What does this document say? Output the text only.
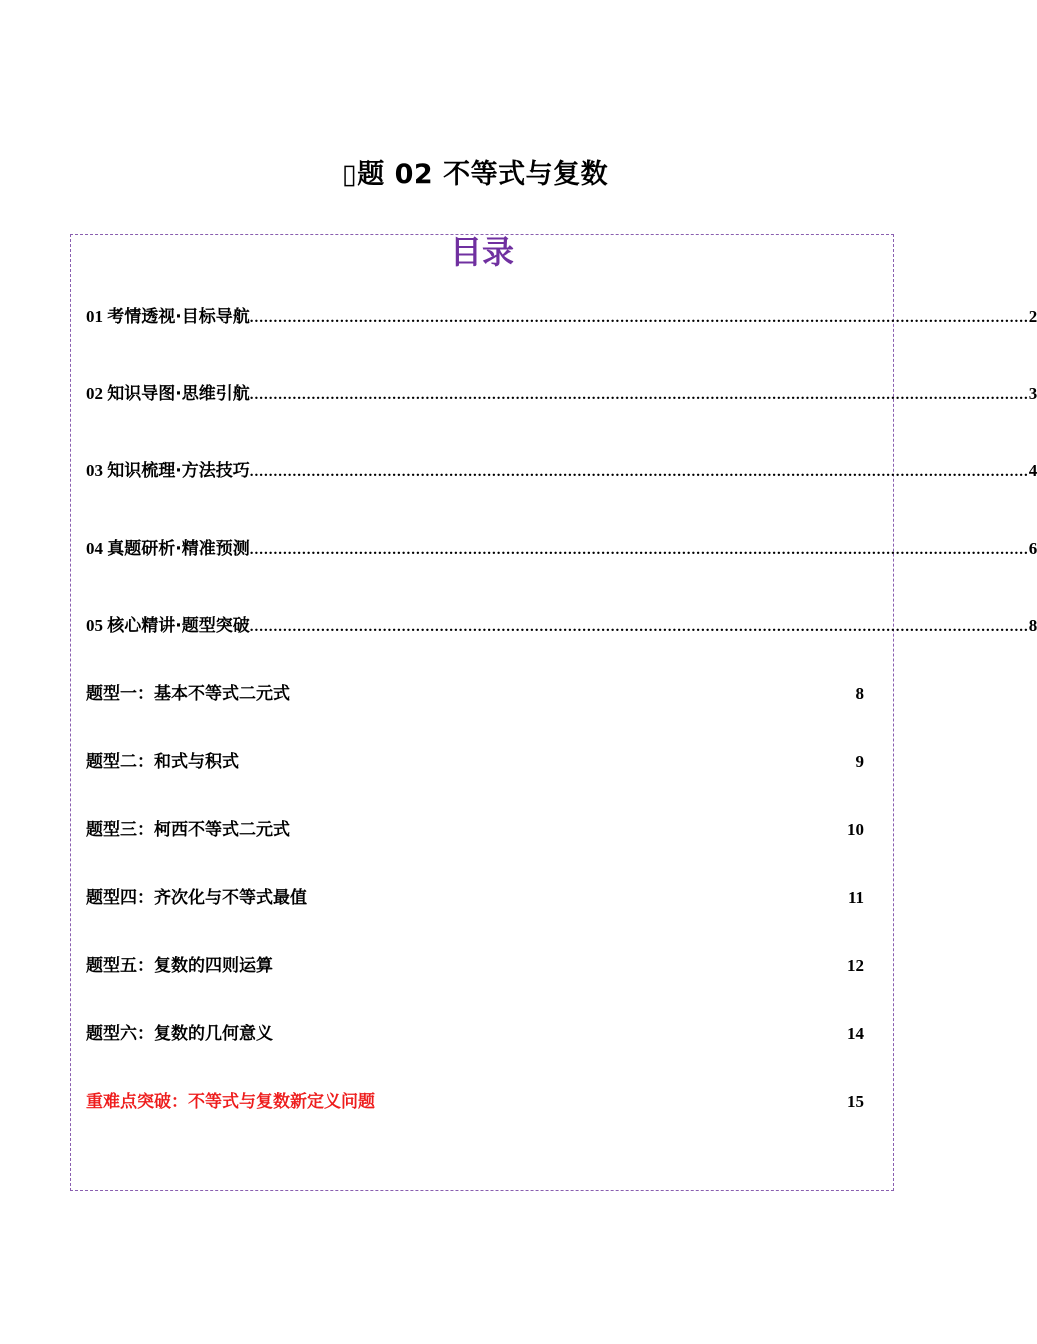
▯题 02 不等式与复数
目录
01 考情透视·目标导航 .................................................................................................................................................................... 2
02 知识导图·思维引航 .................................................................................................................................................................... 3
03 知识梳理·方法技巧 .................................................................................................................................................................... 4
04 真题研析·精准预测 .................................................................................................................................................................... 6
05 核心精讲·题型突破 .................................................................................................................................................................... 8
题型一：基本不等式二元式	8
题型二：和式与积式	9
题型三：柯西不等式二元式	10
题型四：齐次化与不等式最值	11
题型五：复数的四则运算	12
题型六：复数的几何意义	14
重难点突破：不等式与复数新定义问题	15
